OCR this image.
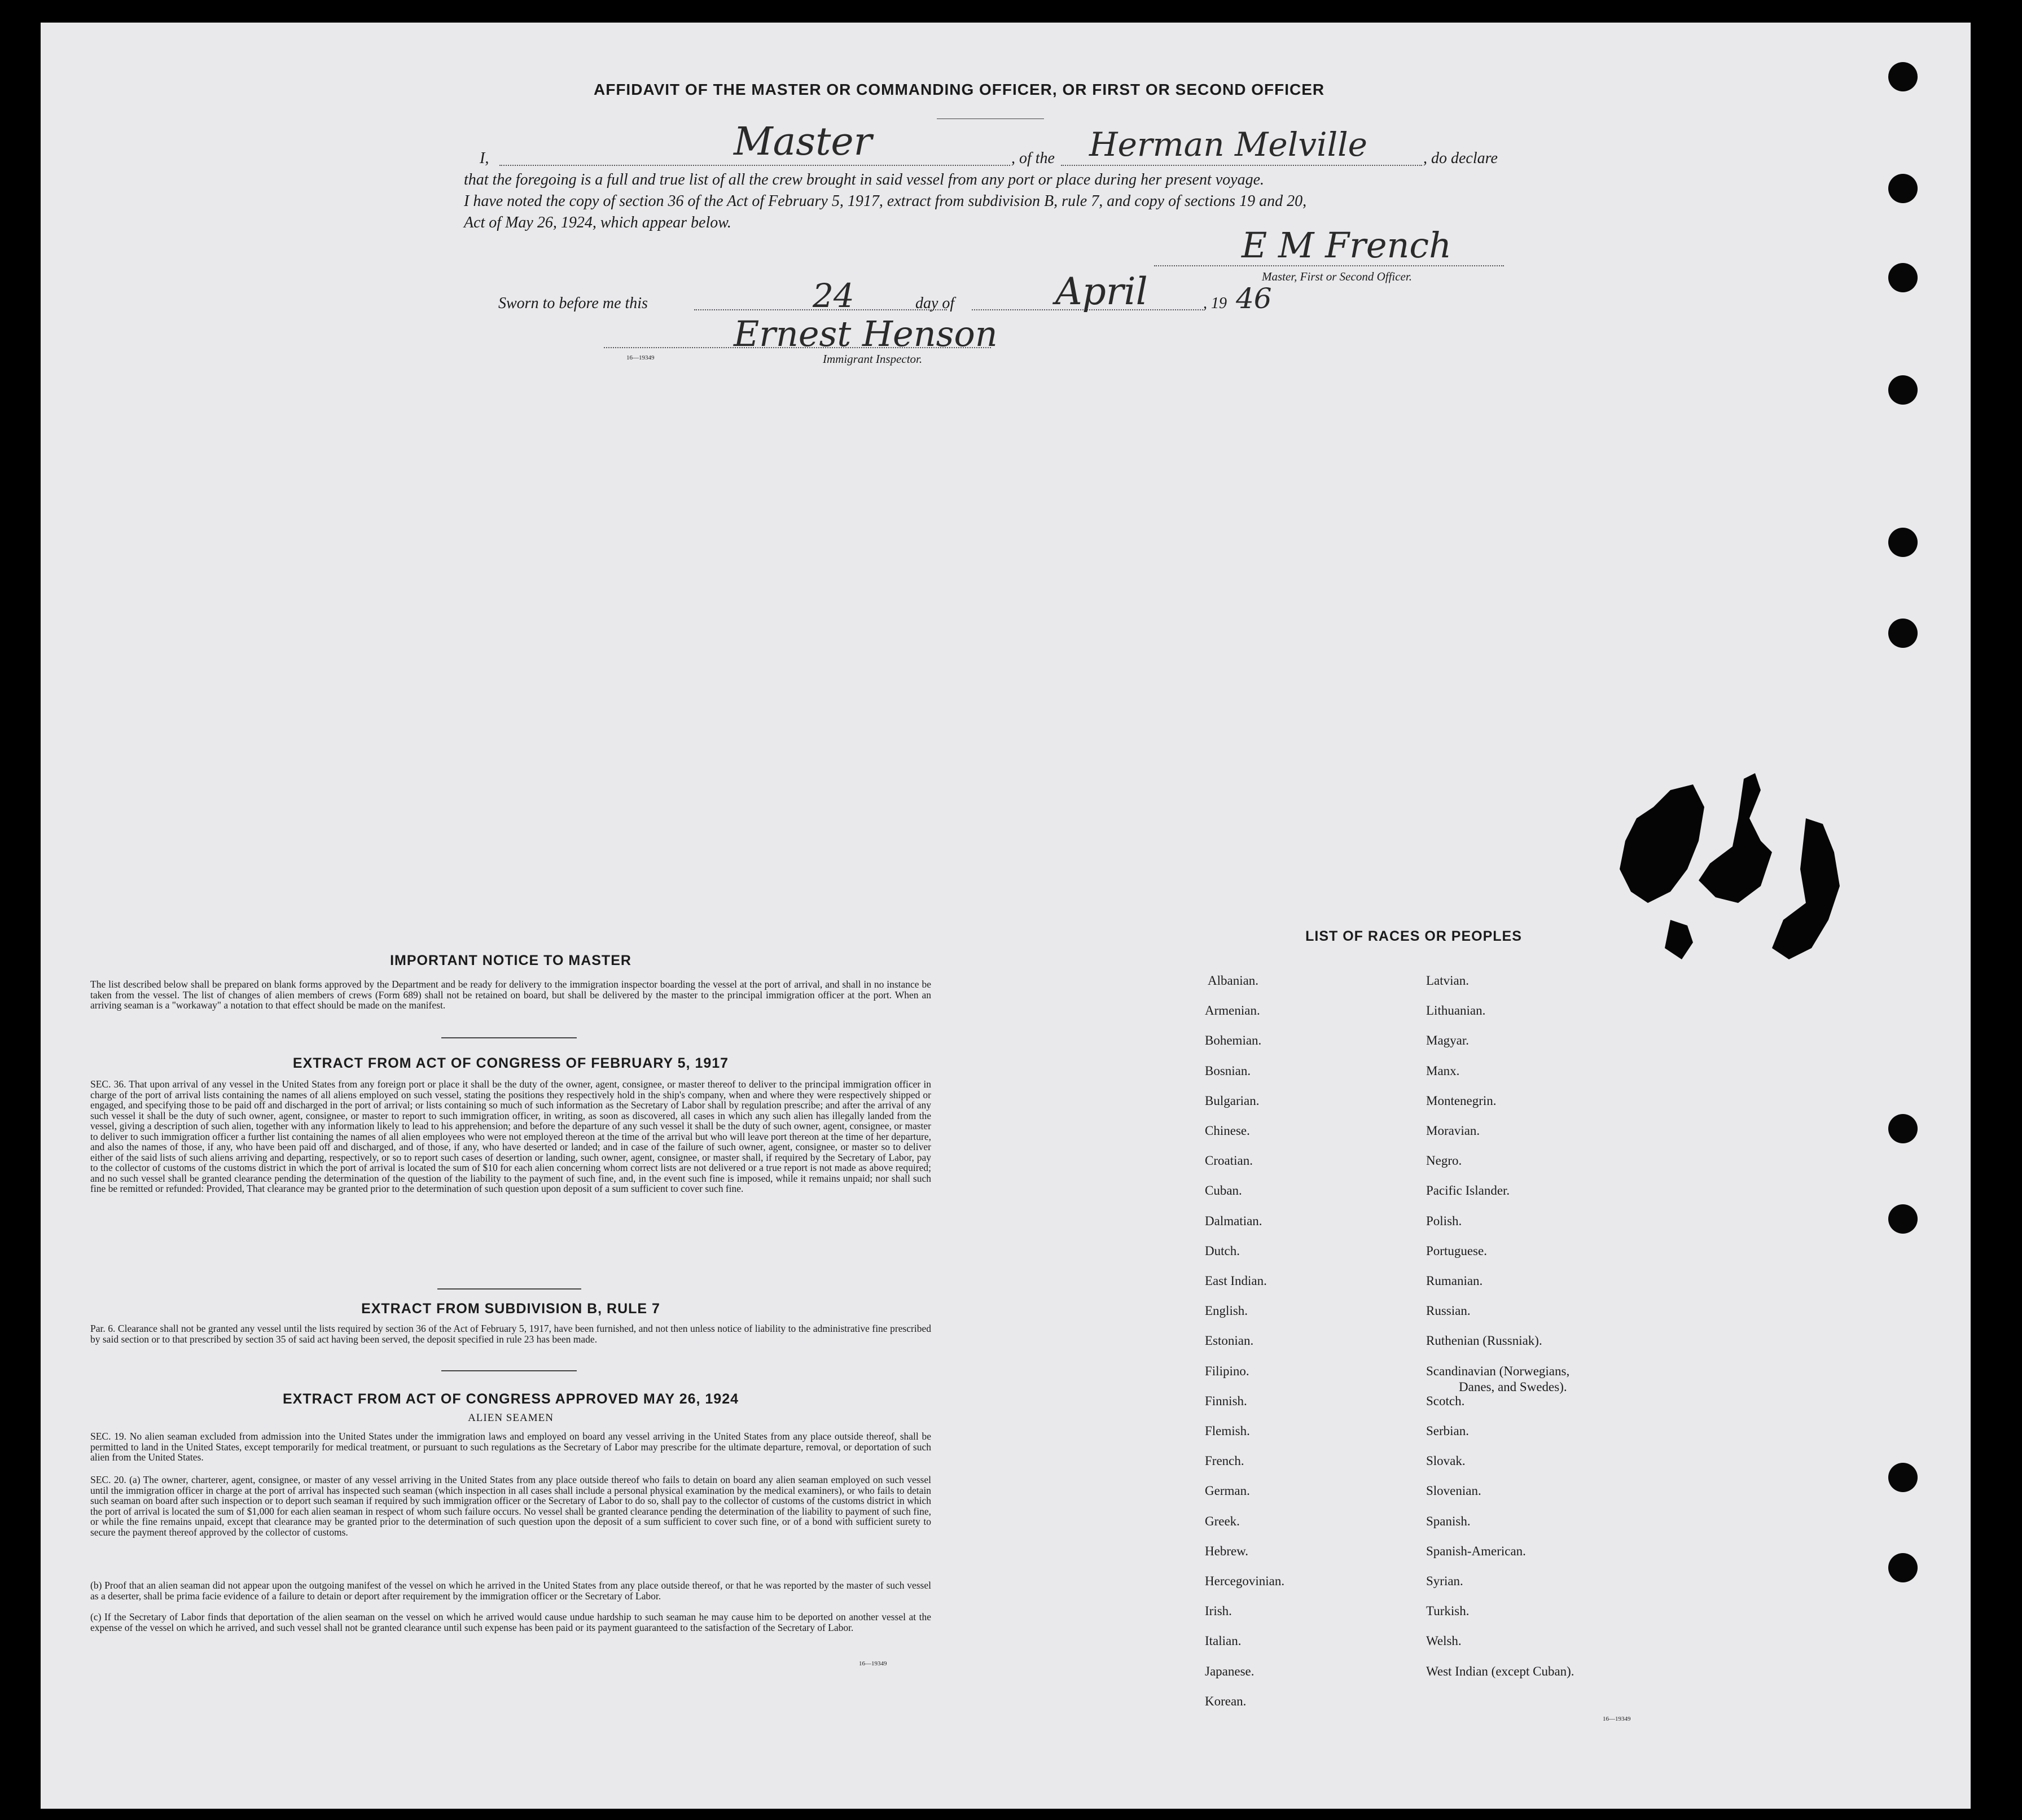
AFFIDAVIT OF THE MASTER OR COMMANDING OFFICER, OR FIRST OR SECOND OFFICER
I,	Master	, of the Herman Melville	, do declare
that the foregoing is a full and true list of all the crew brought in said vessel from any port or place during her present voyage.
I have noted the copy of section 36 of the Act of February 5, 1917, extract from subdivision B, rule 7, and copy of sections 19 and 20,
Act of May 26, 1924, which appear below.
E M French
Master, First or Second Officer.
Sworn to before me this	24	day of	April	, 19 46
16—19349
Ernest Henson
Immigrant Inspector.
IMPORTANT NOTICE TO MASTER
The list described below shall be prepared on blank forms approved by the Department and be ready for delivery to the immigration inspector boarding the vessel at the port of arrival, and shall in no instance be taken from the vessel. The list of changes of alien members of crews (Form 689) shall not be retained on board, but shall be delivered by the master to the principal immigration officer at the port. When an arriving seaman is a "workaway" a notation to that effect should be made on the manifest.
EXTRACT FROM ACT OF CONGRESS OF FEBRUARY 5, 1917
SEC. 36. That upon arrival of any vessel in the United States from any foreign port or place it shall be the duty of the owner, agent, consignee, or master thereof to deliver to the principal immigration officer in charge of the port of arrival lists containing the names of all aliens employed on such vessel, stating the positions they respectively hold in the ship's company, when and where they were respectively shipped or engaged, and specifying those to be paid off and discharged in the port of arrival; or lists containing so much of such information as the Secretary of Labor shall by regulation prescribe; and after the arrival of any such vessel it shall be the duty of such owner, agent, consignee, or master to report to such immigration officer, in writing, as soon as discovered, all cases in which any such alien has illegally landed from the vessel, giving a description of such alien, together with any information likely to lead to his apprehension; and before the departure of any such vessel it shall be the duty of such owner, agent, consignee, or master to deliver to such immigration officer a further list containing the names of all alien employees who were not employed thereon at the time of the arrival but who will leave port thereon at the time of her departure, and also the names of those, if any, who have been paid off and discharged, and of those, if any, who have deserted or landed; and in case of the failure of such owner, agent, consignee, or master so to deliver either of the said lists of such aliens arriving and departing, respectively, or so to report such cases of desertion or landing, such owner, agent, consignee, or master shall, if required by the Secretary of Labor, pay to the collector of customs of the customs district in which the port of arrival is located the sum of $10 for each alien concerning whom correct lists are not delivered or a true report is not made as above required; and no such vessel shall be granted clearance pending the determination of the question of the liability to the payment of such fine, and, in the event such fine is imposed, while it remains unpaid; nor shall such fine be remitted or refunded: Provided, That clearance may be granted prior to the determination of such question upon deposit of a sum sufficient to cover such fine.
EXTRACT FROM SUBDIVISION B, RULE 7
Par. 6. Clearance shall not be granted any vessel until the lists required by section 36 of the Act of February 5, 1917, have been furnished, and not then unless notice of liability to the administrative fine prescribed by said section or to that prescribed by section 35 of said act having been served, the deposit specified in rule 23 has been made.
EXTRACT FROM ACT OF CONGRESS APPROVED MAY 26, 1924
ALIEN SEAMEN
SEC. 19. No alien seaman excluded from admission into the United States under the immigration laws and employed on board any vessel arriving in the United States from any place outside thereof, shall be permitted to land in the United States, except temporarily for medical treatment, or pursuant to such regulations as the Secretary of Labor may prescribe for the ultimate departure, removal, or deportation of such alien from the United States.
SEC. 20. (a) The owner, charterer, agent, consignee, or master of any vessel arriving in the United States from any place outside thereof who fails to detain on board any alien seaman employed on such vessel until the immigration officer in charge at the port of arrival has inspected such seaman (which inspection in all cases shall include a personal physical examination by the medical examiners), or who fails to detain such seaman on board after such inspection or to deport such seaman if required by such immigration officer or the Secretary of Labor to do so, shall pay to the collector of customs of the customs district in which the port of arrival is located the sum of $1,000 for each alien seaman in respect of whom such failure occurs. No vessel shall be granted clearance pending the determination of the liability to payment of such fine, or while the fine remains unpaid, except that clearance may be granted prior to the determination of such question upon the deposit of a sum sufficient to cover such fine, or of a bond with sufficient surety to secure the payment thereof approved by the collector of customs.
(b) Proof that an alien seaman did not appear upon the outgoing manifest of the vessel on which he arrived in the United States from any place outside thereof, or that he was reported by the master of such vessel as a deserter, shall be prima facie evidence of a failure to detain or deport after requirement by the immigration officer or the Secretary of Labor.
(c) If the Secretary of Labor finds that deportation of the alien seaman on the vessel on which he arrived would cause undue hardship to such seaman he may cause him to be deported on another vessel at the expense of the vessel on which he arrived, and such vessel shall not be granted clearance until such expense has been paid or its payment guaranteed to the satisfaction of the Secretary of Labor.
16—19349
LIST OF RACES OR PEOPLES
Albanian.
Armenian.
Bohemian.
Bosnian.
Bulgarian.
Chinese.
Croatian.
Cuban.
Dalmatian.
Dutch.
East Indian.
English.
Estonian.
Filipino.
Finnish.
Flemish.
French.
German.
Greek.
Hebrew.
Hercegovinian.
Irish.
Italian.
Japanese.
Korean.
Latvian.
Lithuanian.
Magyar.
Manx.
Montenegrin.
Moravian.
Negro.
Pacific Islander.
Polish.
Portuguese.
Rumanian.
Russian.
Ruthenian (Russniak).
Scandinavian (Norwegians,
Danes, and Swedes).
Scotch.
Serbian.
Slovak.
Slovenian.
Spanish.
Spanish-American.
Syrian.
Turkish.
Welsh.
West Indian (except Cuban).
16—19349
